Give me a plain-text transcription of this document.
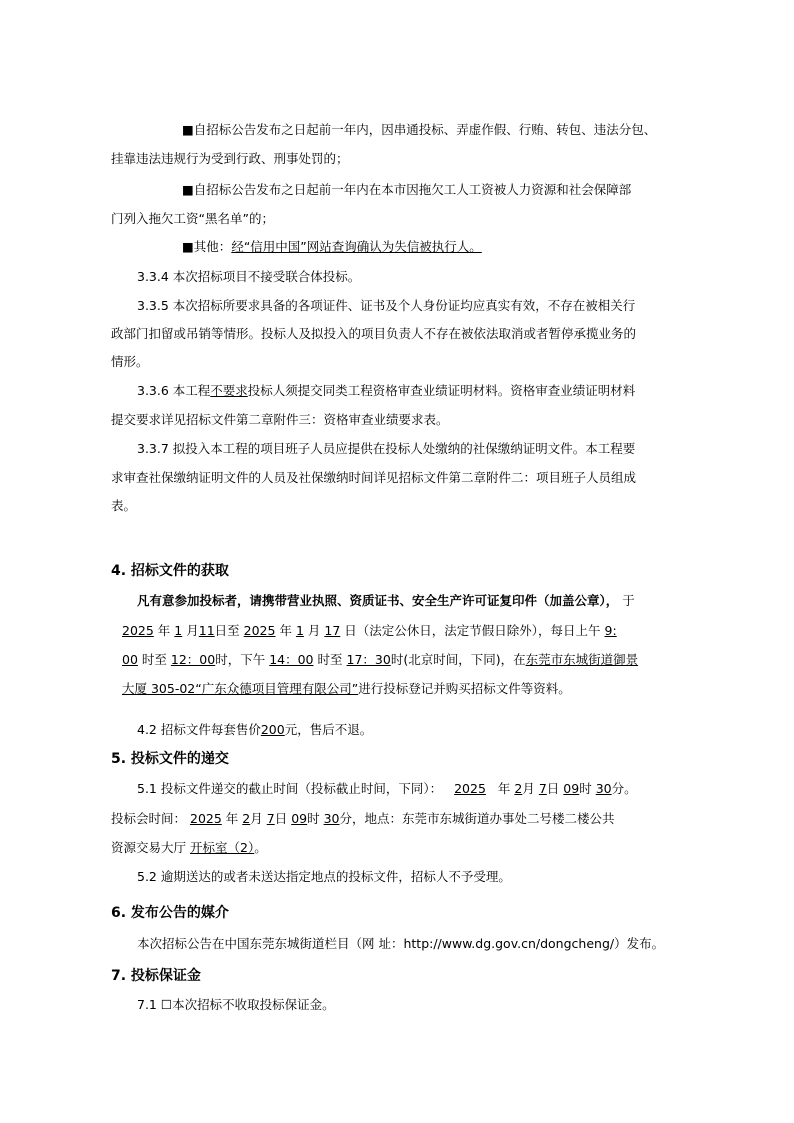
■自招标公告发布之日起前一年内，因串通投标、弄虚作假、行贿、转包、违法分包、
挂靠违法违规行为受到行政、刑事处罚的；
■自招标公告发布之日起前一年内在本市因拖欠工人工资被人力资源和社会保障部
门列入拖欠工资“黑名单”的；
■其他：经“信用中国”网站查询确认为失信被执行人。
3.3.4 本次招标项目不接受联合体投标。
3.3.5 本次招标所要求具备的各项证件、证书及个人身份证均应真实有效，不存在被相关行
政部门扣留或吊销等情形。投标人及拟投入的项目负责人不存在被依法取消或者暂停承揽业务的
情形。
3.3.6 本工程不要求投标人须提交同类工程资格审查业绩证明材料。资格审查业绩证明材料
提交要求详见招标文件第二章附件三：资格审查业绩要求表。
3.3.7 拟投入本工程的项目班子人员应提供在投标人处缴纳的社保缴纳证明文件。本工程要
求审查社保缴纳证明文件的人员及社保缴纳时间详见招标文件第二章附件二：项目班子人员组成
表。
4. 招标文件的获取
凡有意参加投标者，请携带营业执照、资质证书、安全生产许可证复印件（加盖公章）， 于
2025 年 1 月11日至 2025 年 1 月 17 日（法定公休日，法定节假日除外），每日上午 9:
00 时至 12：00时，下午 14：00 时至 17：30时(北京时间，下同)，在东莞市东城街道御景
大厦 305-02“广东众德项目管理有限公司”进行投标登记并购买招标文件等资料。
4.2 招标文件每套售价200元，售后不退。
5. 投标文件的递交
5.1 投标文件递交的截止时间（投标截止时间，下同）： 2025 年 2月 7日 09时 30分。
投标会时间： 2025 年 2月 7日 09时 30分，地点：东莞市东城街道办事处二号楼二楼公共
资源交易大厅 开标室（2）。
5.2 逾期送达的或者未送达指定地点的投标文件，招标人不予受理。
6. 发布公告的媒介
本次招标公告在中国东莞东城街道栏目（网 址：http://www.dg.gov.cn/dongcheng/）发布。
7. 投标保证金
7.1 ☐本次招标不收取投标保证金。
